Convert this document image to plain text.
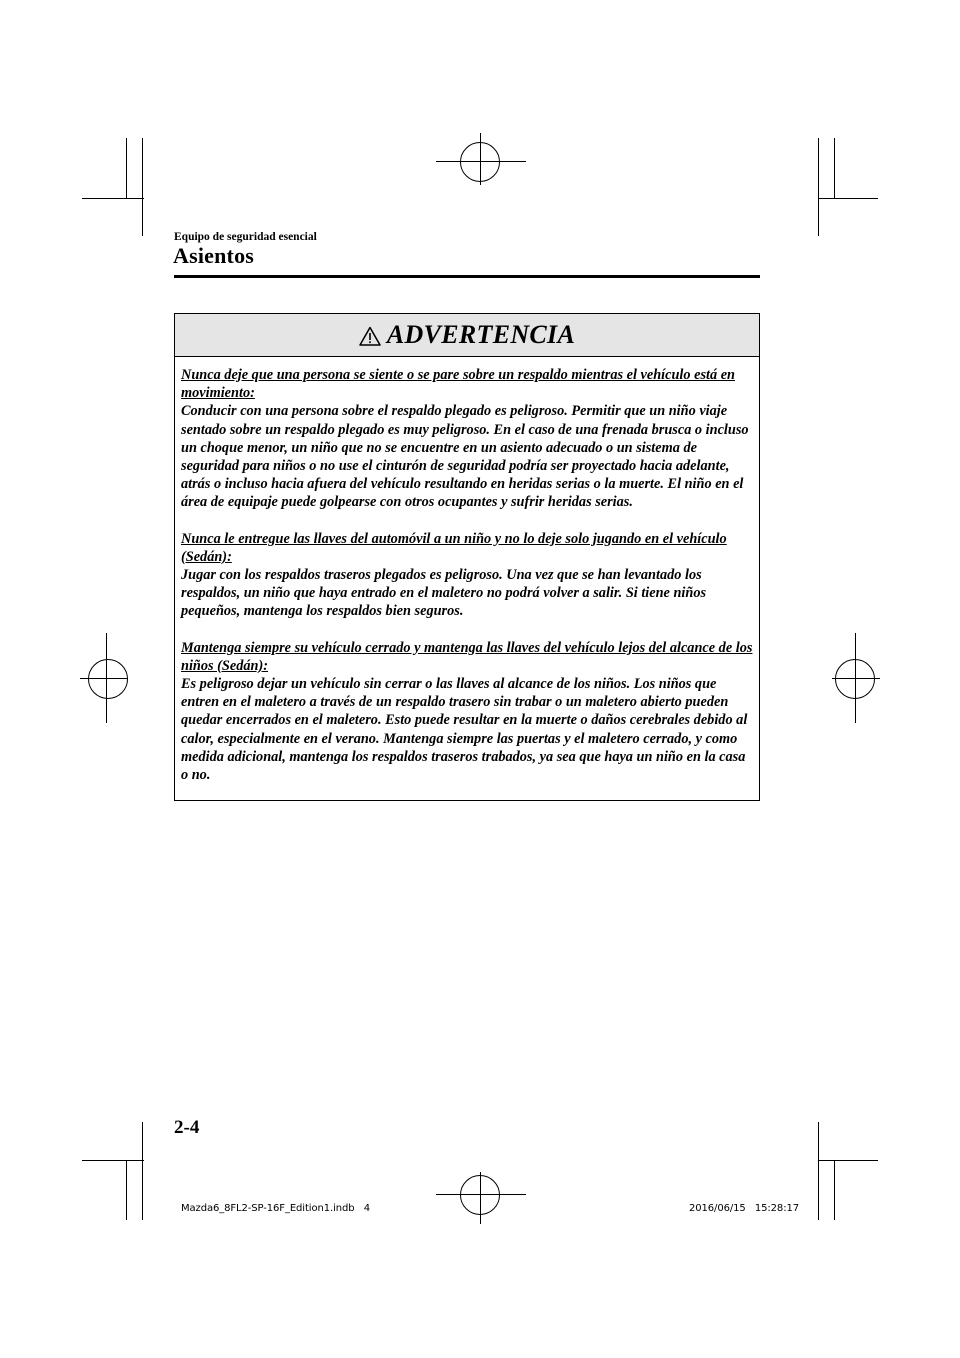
Equipo de seguridad esencial
Asientos
ADVERTENCIA
Nunca deje que una persona se siente o se pare sobre un respaldo mientras el vehículo está en movimiento:
Conducir con una persona sobre el respaldo plegado es peligroso. Permitir que un niño viaje sentado sobre un respaldo plegado es muy peligroso. En el caso de una frenada brusca o incluso un choque menor, un niño que no se encuentre en un asiento adecuado o un sistema de seguridad para niños o no use el cinturón de seguridad podría ser proyectado hacia adelante, atrás o incluso hacia afuera del vehículo resultando en heridas serias o la muerte. El niño en el área de equipaje puede golpearse con otros ocupantes y sufrir heridas serias.
Nunca le entregue las llaves del automóvil a un niño y no lo deje solo jugando en el vehículo (Sedán):
Jugar con los respaldos traseros plegados es peligroso. Una vez que se han levantado los respaldos, un niño que haya entrado en el maletero no podrá volver a salir. Si tiene niños pequeños, mantenga los respaldos bien seguros.
Mantenga siempre su vehículo cerrado y mantenga las llaves del vehículo lejos del alcance de los niños (Sedán):
Es peligroso dejar un vehículo sin cerrar o las llaves al alcance de los niños. Los niños que entren en el maletero a través de un respaldo trasero sin trabar o un maletero abierto pueden quedar encerrados en el maletero. Esto puede resultar en la muerte o daños cerebrales debido al calor, especialmente en el verano. Mantenga siempre las puertas y el maletero cerrado, y como medida adicional, mantenga los respaldos traseros trabados, ya sea que haya un niño en la casa o no.
2-4
Mazda6_8FL2-SP-16F_Edition1.indb   4	2016/06/15   15:28:17
